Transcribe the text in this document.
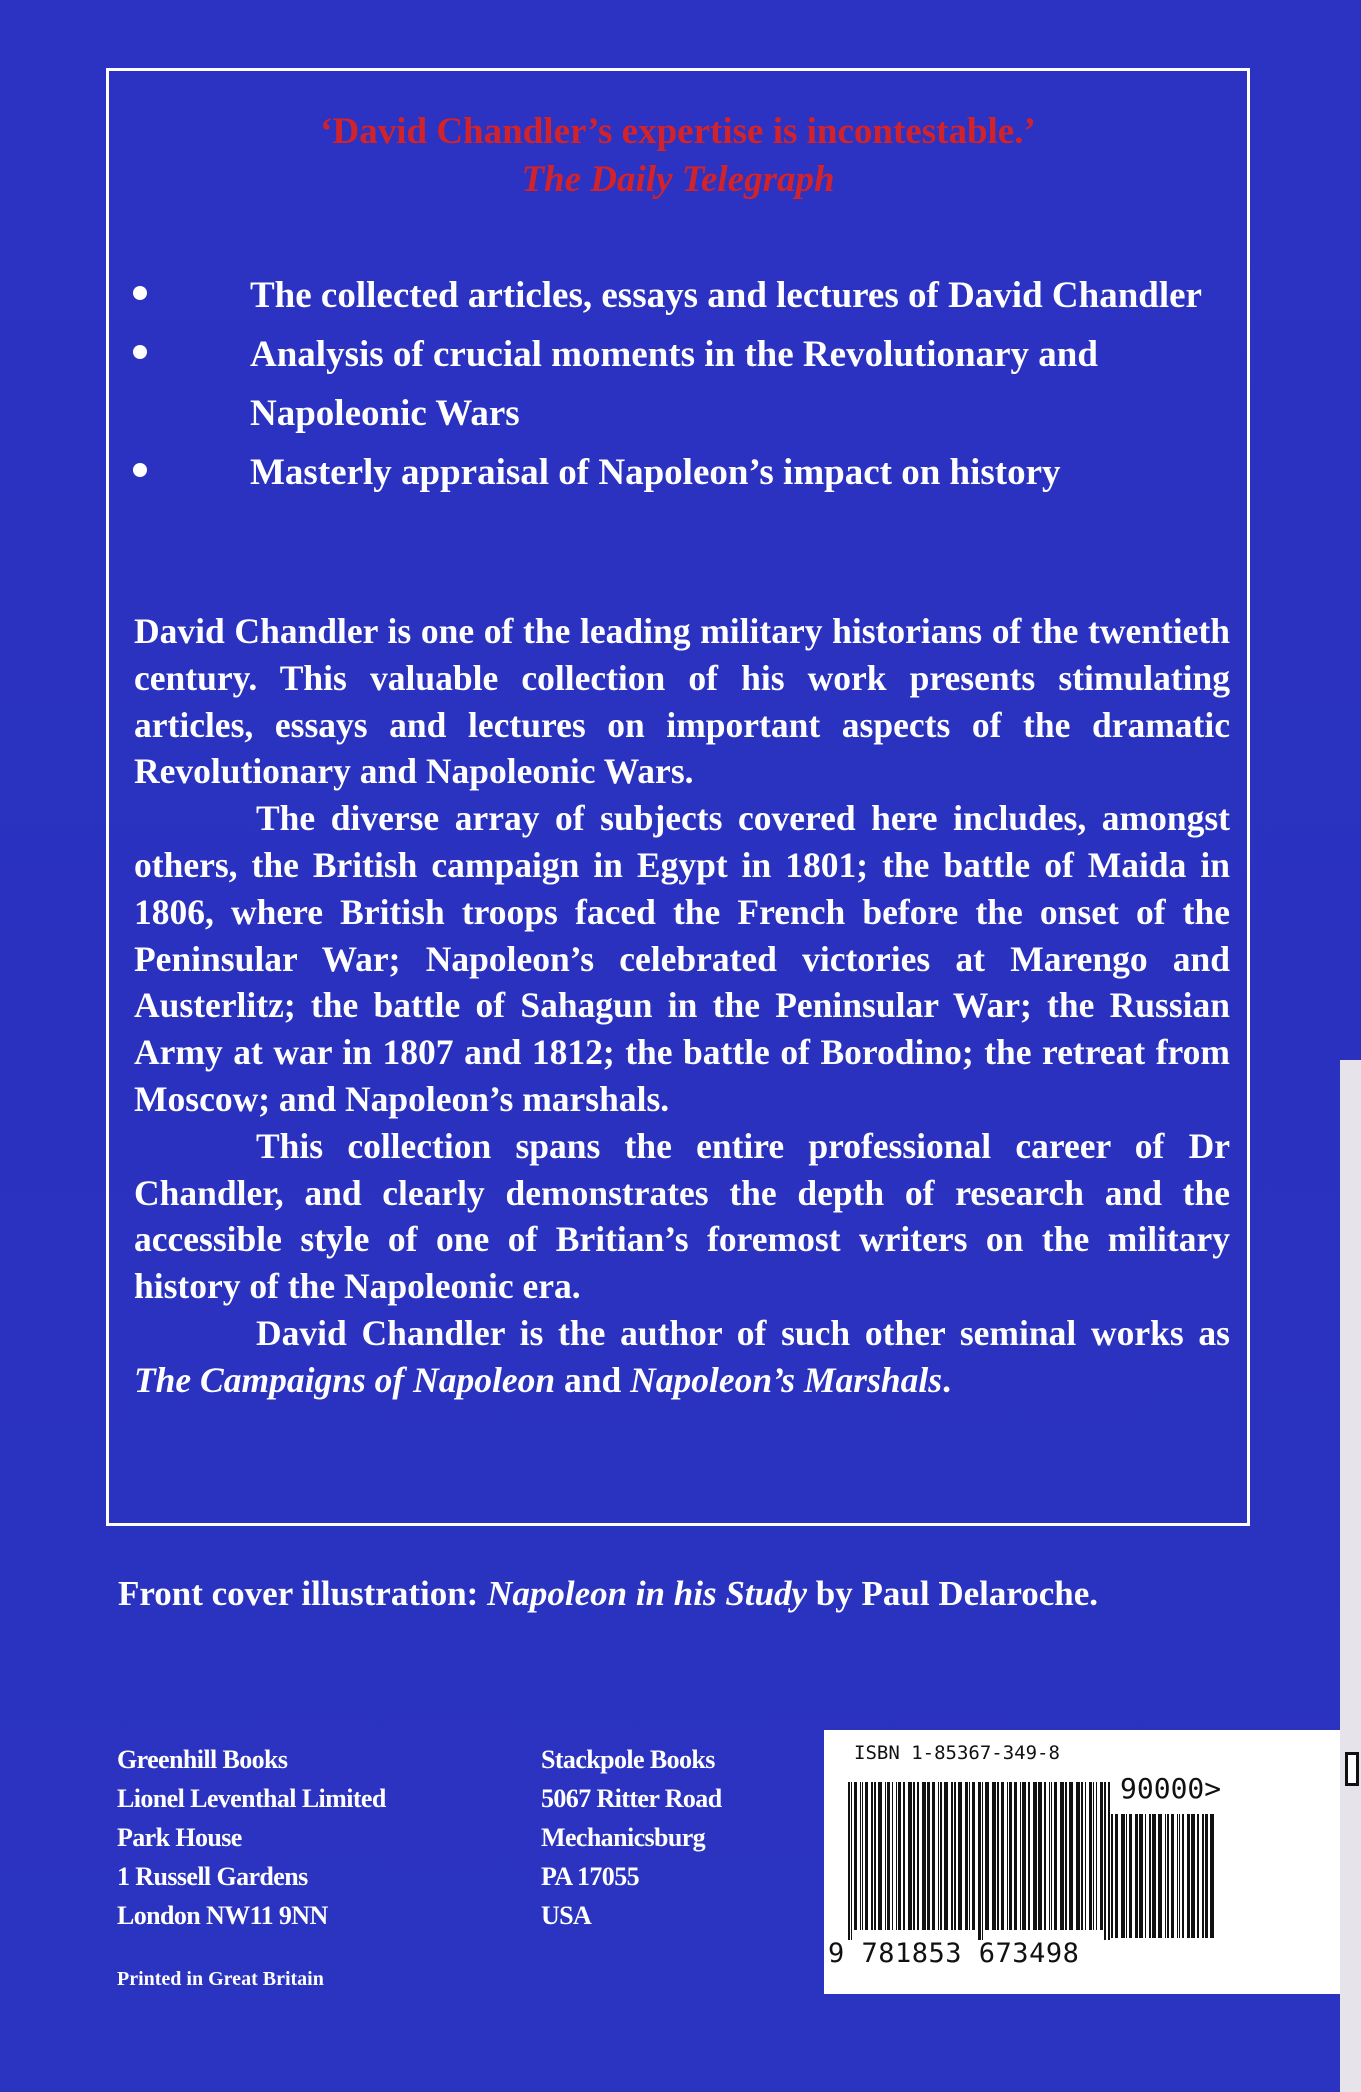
‘David Chandler’s expertise is incontestable.’
The Daily Telegraph
The collected articles, essays and lectures of David Chandler
Analysis of crucial moments in the Revolutionary and Napoleonic Wars
Masterly appraisal of Napoleon’s impact on history

David Chandler is one of the leading military historians of the twentieth century. This valuable collection of his work presents stimulating articles, essays and lectures on important aspects of the dramatic Revolutionary and Napoleonic Wars.

The diverse array of subjects covered here includes, amongst others, the British campaign in Egypt in 1801; the battle of Maida in 1806, where British troops faced the French before the onset of the Peninsular War; Napoleon’s celebrated victories at Marengo and Austerlitz; the battle of Sahagun in the Peninsular War; the Russian Army at war in 1807 and 1812; the battle of Borodino; the retreat from Moscow; and Napoleon’s marshals.

This collection spans the entire professional career of Dr Chandler, and clearly demonstrates the depth of research and the accessible style of one of Britian’s foremost writers on the military history of the Napoleonic era.

David Chandler is the author of such other seminal works as The Campaigns of Napoleon and Napoleon’s Marshals.

Front cover illustration: Napoleon in his Study by Paul Delaroche.
Greenhill Books
Lionel Leventhal Limited
Park House
1 Russell Gardens
London NW11 9NN
Stackpole Books
5067 Ritter Road
Mechanicsburg
PA 17055
USA
Printed in Great Britain
ISBN 1-85367-349-8
90000>
9 781853 673498
